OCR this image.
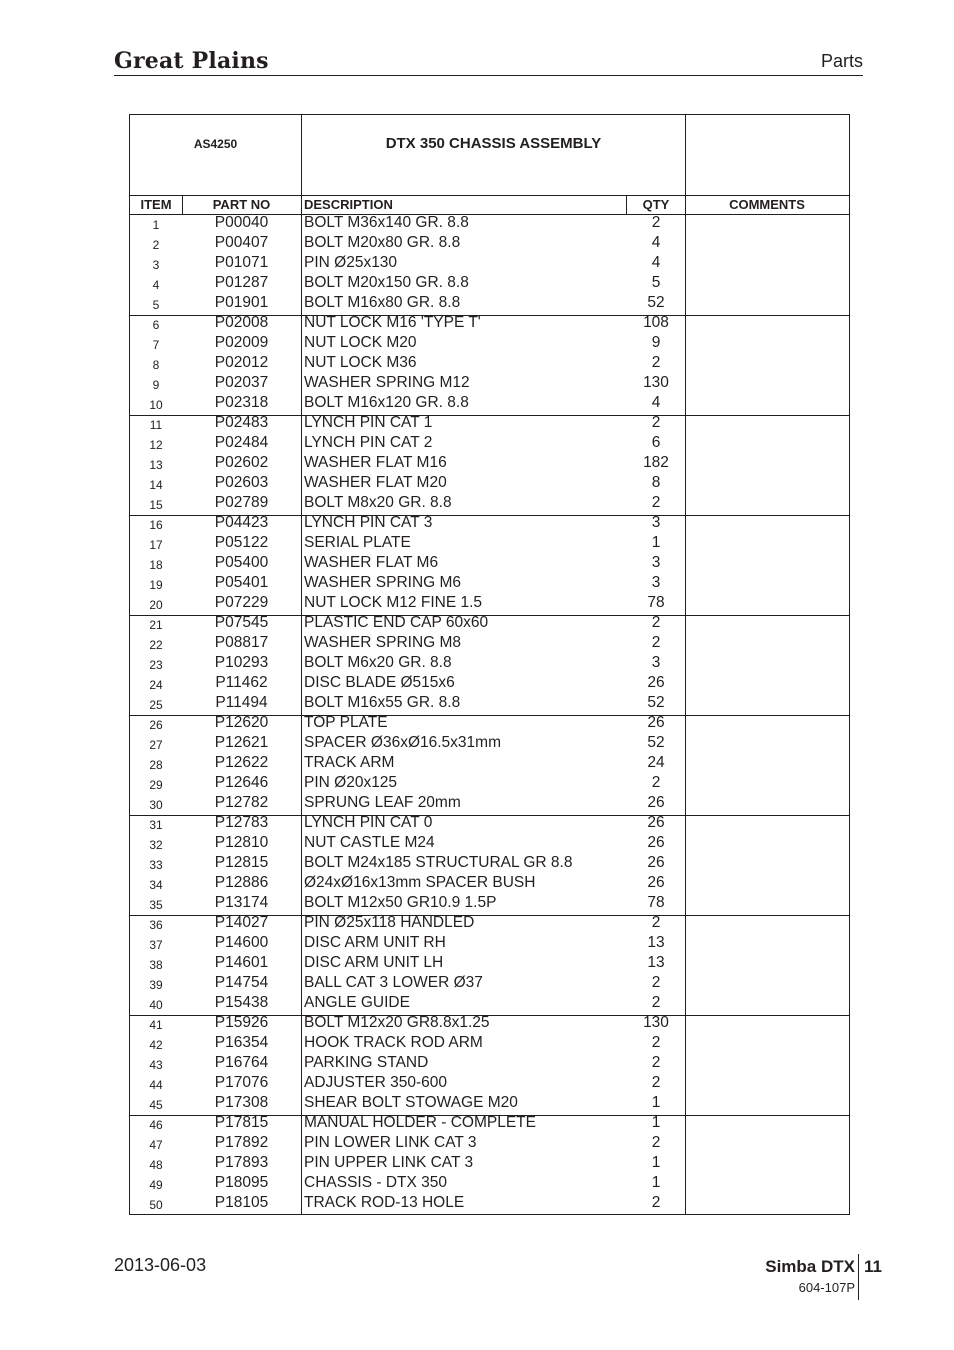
Great Plains	Parts
AS4250	DTX 350 CHASSIS ASSEMBLY
ITEM	PART NO	DESCRIPTION	QTY	COMMENTS
1	P00040	BOLT M36x140 GR. 8.8	2
2	P00407	BOLT M20x80 GR. 8.8	4
3	P01071	PIN Ø25x130	4
4	P01287	BOLT M20x150 GR. 8.8	5
5	P01901	BOLT M16x80 GR. 8.8	52
6	P02008	NUT LOCK M16 'TYPE T'	108
7	P02009	NUT LOCK M20	9
8	P02012	NUT LOCK M36	2
9	P02037	WASHER SPRING M12	130
10	P02318	BOLT M16x120 GR. 8.8	4
11	P02483	LYNCH PIN CAT 1	2
12	P02484	LYNCH PIN CAT 2	6
13	P02602	WASHER FLAT M16	182
14	P02603	WASHER FLAT M20	8
15	P02789	BOLT M8x20 GR. 8.8	2
16	P04423	LYNCH PIN CAT 3	3
17	P05122	SERIAL PLATE	1
18	P05400	WASHER FLAT M6	3
19	P05401	WASHER SPRING M6	3
20	P07229	NUT LOCK M12 FINE 1.5	78
21	P07545	PLASTIC END CAP 60x60	2
22	P08817	WASHER SPRING M8	2
23	P10293	BOLT M6x20 GR. 8.8	3
24	P11462	DISC BLADE Ø515x6	26
25	P11494	BOLT M16x55 GR. 8.8	52
26	P12620	TOP PLATE	26
27	P12621	SPACER Ø36xØ16.5x31mm	52
28	P12622	TRACK ARM	24
29	P12646	PIN Ø20x125	2
30	P12782	SPRUNG LEAF 20mm	26
31	P12783	LYNCH PIN CAT 0	26
32	P12810	NUT CASTLE M24	26
33	P12815	BOLT M24x185 STRUCTURAL GR 8.8	26
34	P12886	Ø24xØ16x13mm SPACER BUSH	26
35	P13174	BOLT M12x50 GR10.9 1.5P	78
36	P14027	PIN Ø25x118 HANDLED	2
37	P14600	DISC ARM UNIT RH	13
38	P14601	DISC ARM UNIT LH	13
39	P14754	BALL CAT 3 LOWER Ø37	2
40	P15438	ANGLE GUIDE	2
41	P15926	BOLT M12x20 GR8.8x1.25	130
42	P16354	HOOK TRACK ROD ARM	2
43	P16764	PARKING STAND	2
44	P17076	ADJUSTER 350-600	2
45	P17308	SHEAR BOLT STOWAGE M20	1
46	P17815	MANUAL HOLDER - COMPLETE	1
47	P17892	PIN LOWER LINK CAT 3	2
48	P17893	PIN UPPER LINK CAT 3	1
49	P18095	CHASSIS - DTX 350	1
50	P18105	TRACK ROD-13 HOLE	2
2013-06-03	Simba DTX 11
604-107P
